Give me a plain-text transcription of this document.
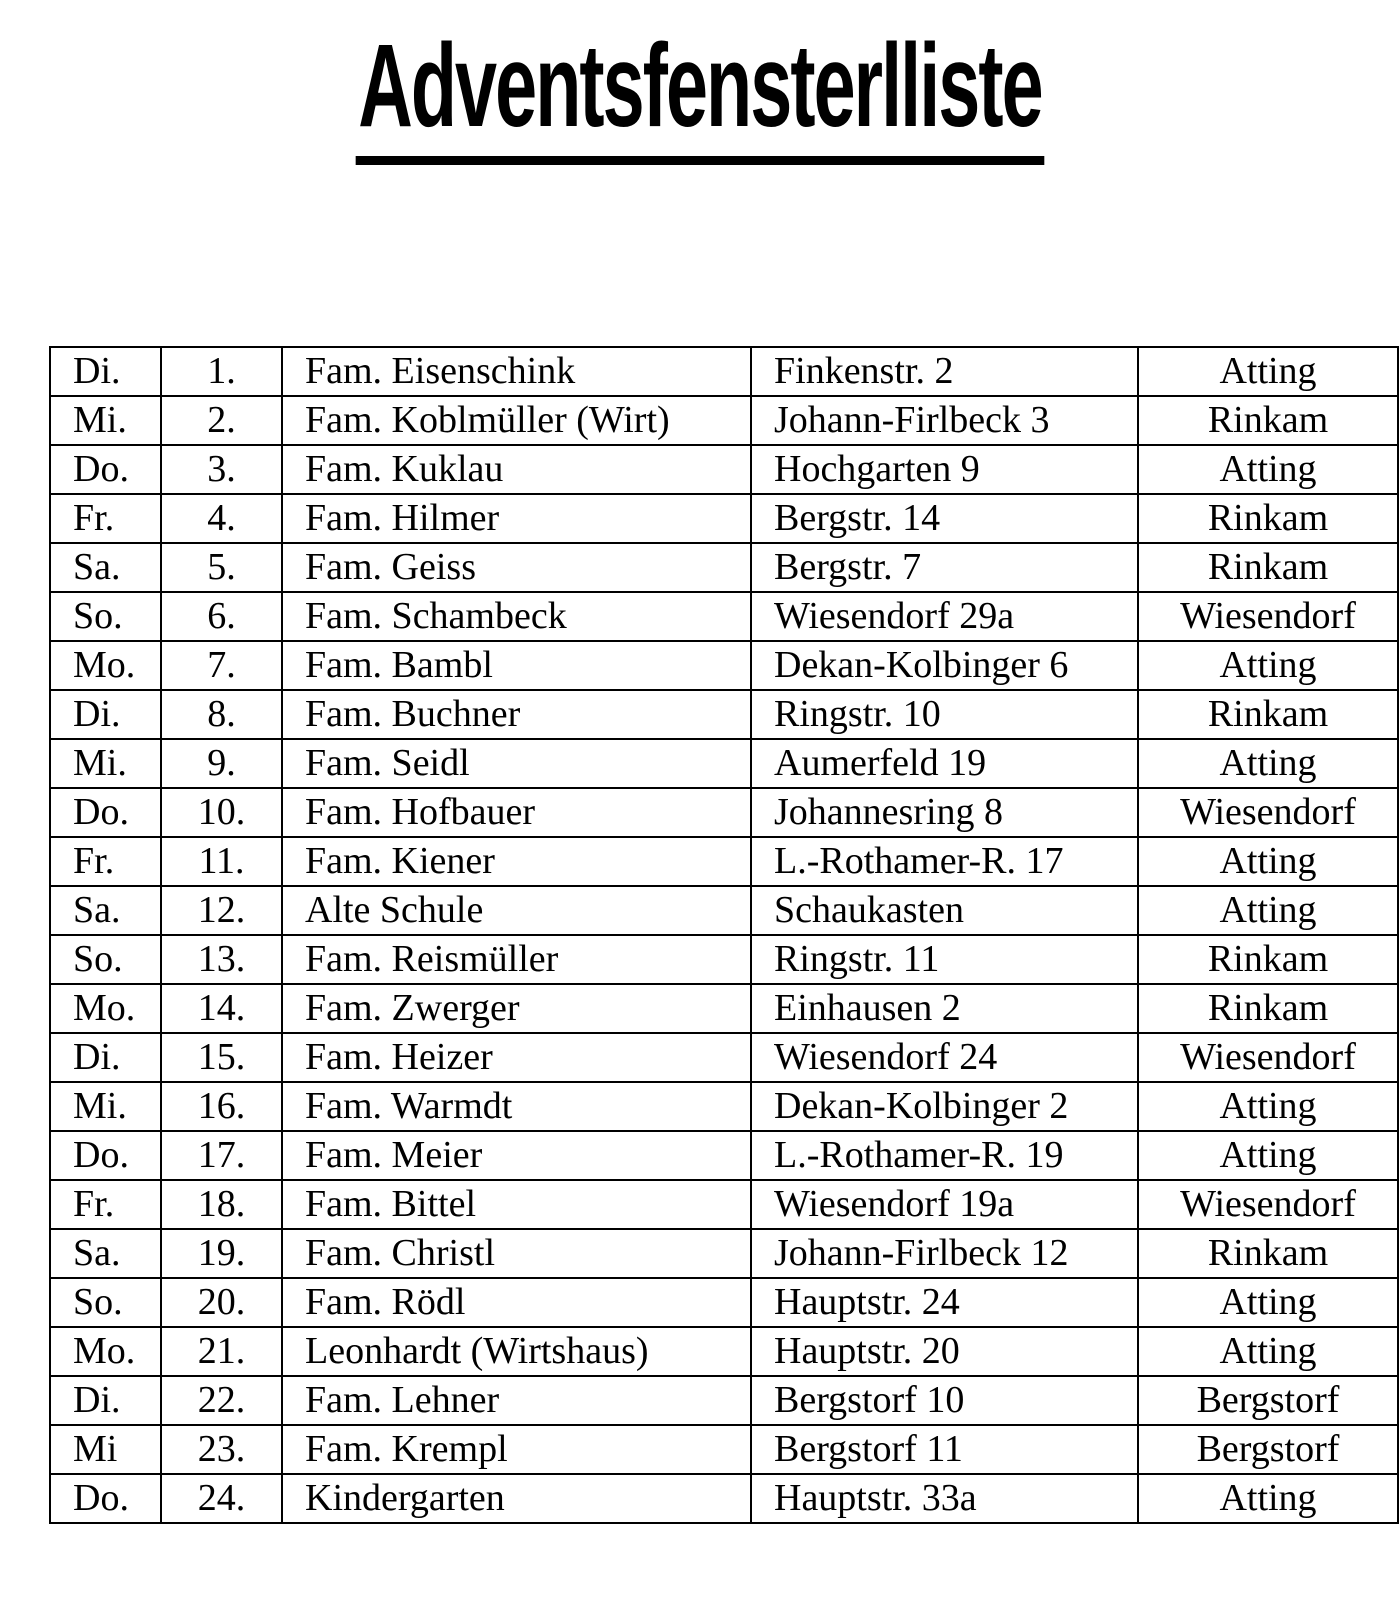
Adventsfensterlliste
Di.	1.	Fam. Eisenschink	Finkenstr. 2	Atting
Mi.	2.	Fam. Koblmüller (Wirt)	Johann-Firlbeck 3	Rinkam
Do.	3.	Fam. Kuklau	Hochgarten 9	Atting
Fr.	4.	Fam. Hilmer	Bergstr. 14	Rinkam
Sa.	5.	Fam. Geiss	Bergstr. 7	Rinkam
So.	6.	Fam. Schambeck	Wiesendorf 29a	Wiesendorf
Mo.	7.	Fam. Bambl	Dekan-Kolbinger 6	Atting
Di.	8.	Fam. Buchner	Ringstr. 10	Rinkam
Mi.	9.	Fam. Seidl	Aumerfeld 19	Atting
Do.	10.	Fam. Hofbauer	Johannesring 8	Wiesendorf
Fr.	11.	Fam. Kiener	L.-Rothamer-R. 17	Atting
Sa.	12.	Alte Schule	Schaukasten	Atting
So.	13.	Fam. Reismüller	Ringstr. 11	Rinkam
Mo.	14.	Fam. Zwerger	Einhausen 2	Rinkam
Di.	15.	Fam. Heizer	Wiesendorf 24	Wiesendorf
Mi.	16.	Fam. Warmdt	Dekan-Kolbinger 2	Atting
Do.	17.	Fam. Meier	L.-Rothamer-R. 19	Atting
Fr.	18.	Fam. Bittel	Wiesendorf 19a	Wiesendorf
Sa.	19.	Fam. Christl	Johann-Firlbeck 12	Rinkam
So.	20.	Fam. Rödl	Hauptstr. 24	Atting
Mo.	21.	Leonhardt (Wirtshaus)	Hauptstr. 20	Atting
Di.	22.	Fam. Lehner	Bergstorf 10	Bergstorf
Mi	23.	Fam. Krempl	Bergstorf 11	Bergstorf
Do.	24.	Kindergarten	Hauptstr. 33a	Atting
